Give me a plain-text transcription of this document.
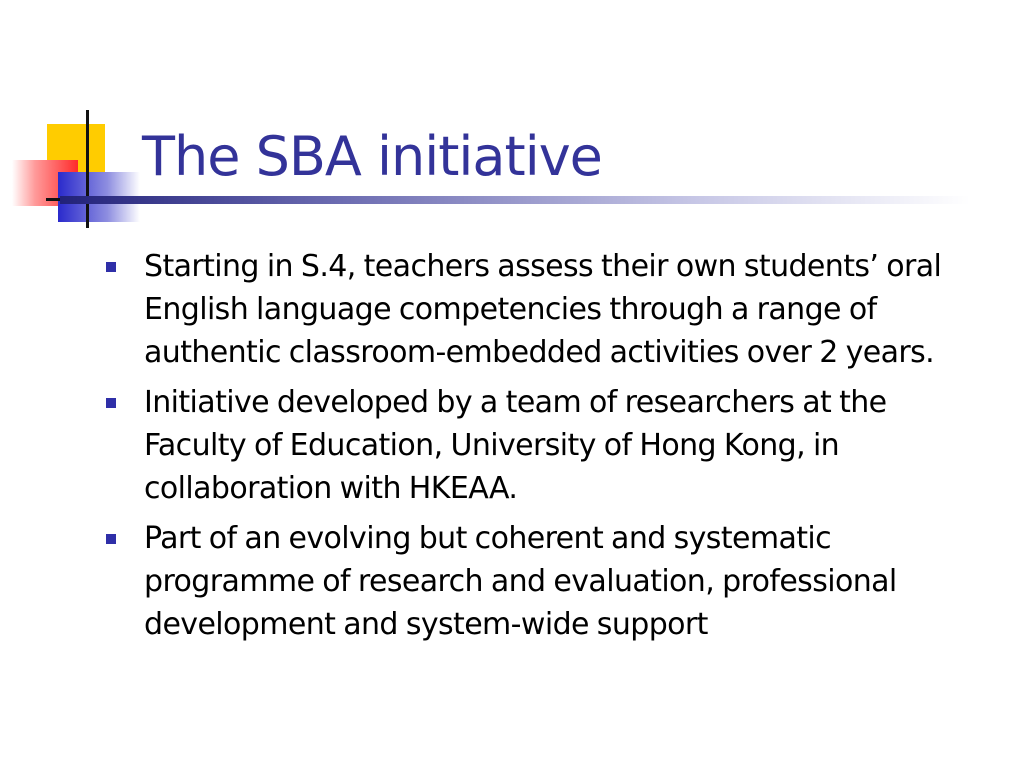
The SBA initiative
Starting in S.4, teachers assess their own students’ oral English language competencies through a range of authentic classroom-embedded activities over 2 years.
Initiative developed by a team of researchers at the Faculty of Education, University of Hong Kong, in collaboration with HKEAA.
Part of an evolving but coherent and systematic programme of research and evaluation, professional development and system-wide support
